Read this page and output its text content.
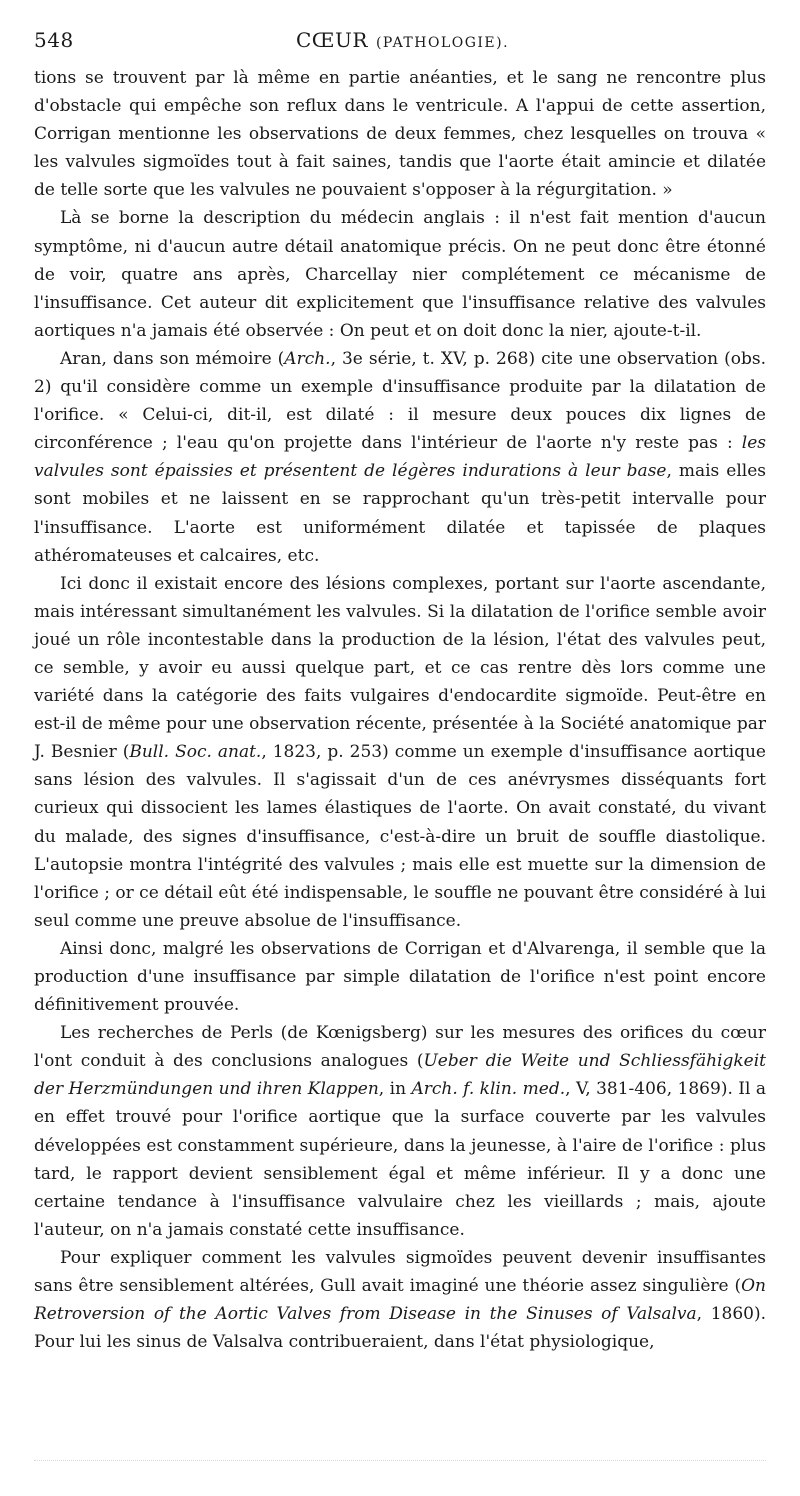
548	CŒUR (PATHOLOGIE).

tions se trouvent par là même en partie anéanties, et le sang ne rencontre plus d'obstacle qui empêche son reflux dans le ventricule. A l'appui de cette assertion, Corrigan mentionne les observations de deux femmes, chez lesquelles on trouva « les valvules sigmoïdes tout à fait saines, tandis que l'aorte était amincie et dilatée de telle sorte que les valvules ne pouvaient s'opposer à la régurgitation. »

Là se borne la description du médecin anglais : il n'est fait mention d'aucun symptôme, ni d'aucun autre détail anatomique précis. On ne peut donc être étonné de voir, quatre ans après, Charcellay nier complétement ce mécanisme de l'insuffisance. Cet auteur dit explicitement que l'insuffisance relative des valvules aortiques n'a jamais été observée : On peut et on doit donc la nier, ajoute-t-il.

Aran, dans son mémoire (Arch., 3e série, t. XV, p. 268) cite une observation (obs. 2) qu'il considère comme un exemple d'insuffisance produite par la dilatation de l'orifice. « Celui-ci, dit-il, est dilaté : il mesure deux pouces dix lignes de circonférence ; l'eau qu'on projette dans l'intérieur de l'aorte n'y reste pas : les valvules sont épaissies et présentent de légères indurations à leur base, mais elles sont mobiles et ne laissent en se rapprochant qu'un très-petit intervalle pour l'insuffisance. L'aorte est uniformément dilatée et tapissée de plaques athéromateuses et calcaires, etc.

Ici donc il existait encore des lésions complexes, portant sur l'aorte ascendante, mais intéressant simultanément les valvules. Si la dilatation de l'orifice semble avoir joué un rôle incontestable dans la production de la lésion, l'état des valvules peut, ce semble, y avoir eu aussi quelque part, et ce cas rentre dès lors comme une variété dans la catégorie des faits vulgaires d'endocardite sigmoïde. Peut-être en est-il de même pour une observation récente, présentée à la Société anatomique par J. Besnier (Bull. Soc. anat., 1823, p. 253) comme un exemple d'insuffisance aortique sans lésion des valvules. Il s'agissait d'un de ces anévrysmes disséquants fort curieux qui dissocient les lames élastiques de l'aorte. On avait constaté, du vivant du malade, des signes d'insuffisance, c'est-à-dire un bruit de souffle diastolique. L'autopsie montra l'intégrité des valvules ; mais elle est muette sur la dimension de l'orifice ; or ce détail eût été indispensable, le souffle ne pouvant être considéré à lui seul comme une preuve absolue de l'insuffisance.

Ainsi donc, malgré les observations de Corrigan et d'Alvarenga, il semble que la production d'une insuffisance par simple dilatation de l'orifice n'est point encore définitivement prouvée.

Les recherches de Perls (de Kœnigsberg) sur les mesures des orifices du cœur l'ont conduit à des conclusions analogues (Ueber die Weite und Schliessfähigkeit der Herzmündungen und ihren Klappen, in Arch. f. klin. med., V, 381-406, 1869). Il a en effet trouvé pour l'orifice aortique que la surface couverte par les valvules développées est constamment supérieure, dans la jeunesse, à l'aire de l'orifice : plus tard, le rapport devient sensiblement égal et même inférieur. Il y a donc une certaine tendance à l'insuffisance valvulaire chez les vieillards ; mais, ajoute l'auteur, on n'a jamais constaté cette insuffisance.

Pour expliquer comment les valvules sigmoïdes peuvent devenir insuffisantes sans être sensiblement altérées, Gull avait imaginé une théorie assez singulière (On Retroversion of the Aortic Valves from Disease in the Sinuses of Valsalva, 1860). Pour lui les sinus de Valsalva contribueraient, dans l'état physiologique,
